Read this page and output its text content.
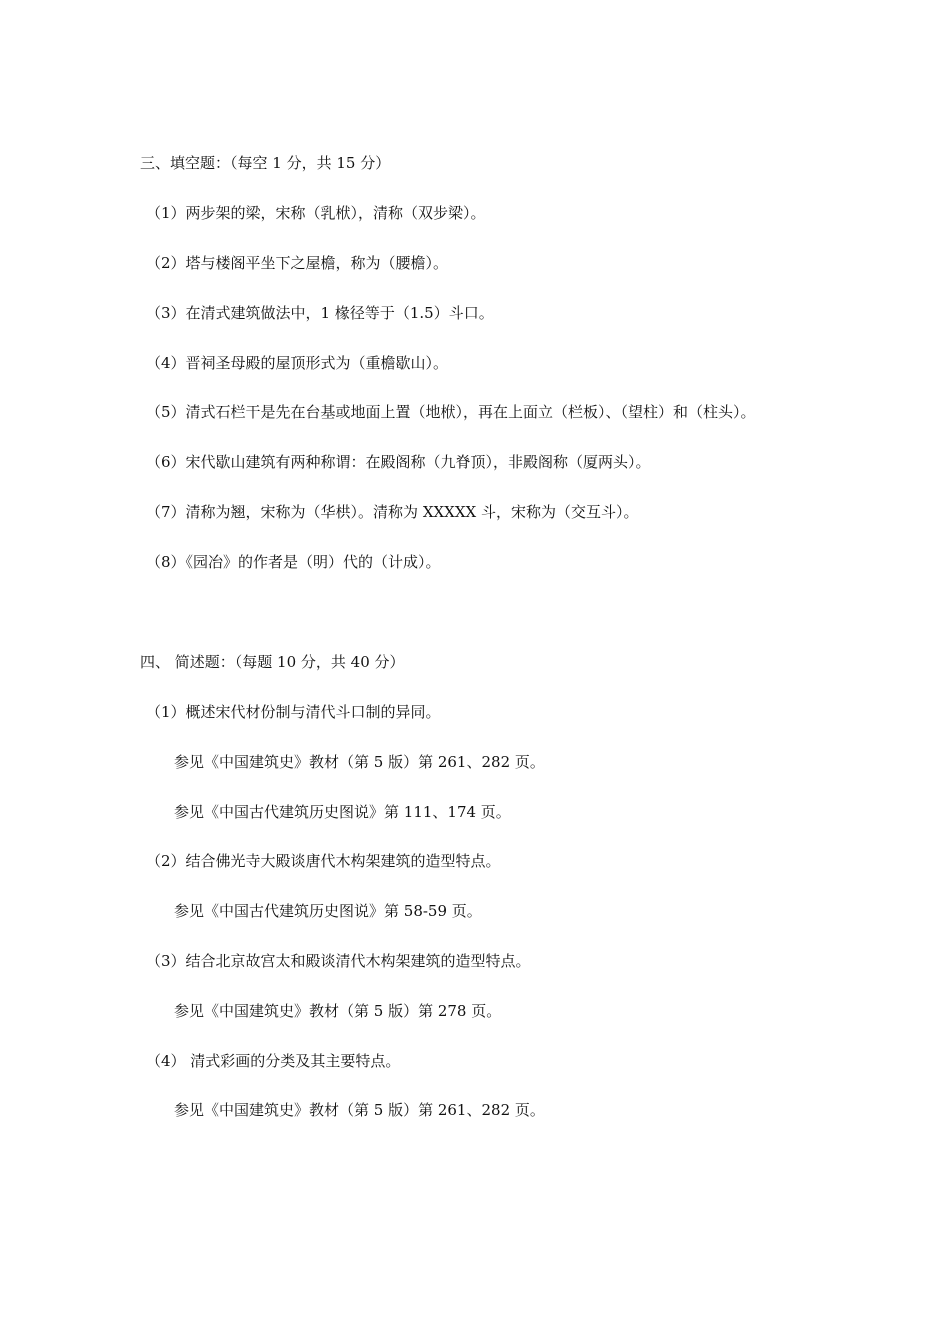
三、填空题：（每空 1 分，共 15 分）
（1）两步架的梁，宋称（乳栿），清称（双步梁）。
（2）塔与楼阁平坐下之屋檐，称为（腰檐）。
（3）在清式建筑做法中，1 椽径等于（1.5）斗口。
（4）晋祠圣母殿的屋顶形式为（重檐歇山）。
（5）清式石栏干是先在台基或地面上置（地栿），再在上面立（栏板）、（望柱）和（柱头）。
（6）宋代歇山建筑有两种称谓：在殿阁称（九脊顶），非殿阁称（厦两头）。
（7）清称为翘，宋称为（华栱）。清称为 XXXXX 斗，宋称为（交互斗）。
（8）《园冶》的作者是（明）代的（计成）。
四、 简述题：（每题 10 分，共 40 分）
（1）概述宋代材份制与清代斗口制的异同。
参见《中国建筑史》教材（第 5 版）第 261、282 页。
参见《中国古代建筑历史图说》第 111、174 页。
（2）结合佛光寺大殿谈唐代木构架建筑的造型特点。
参见《中国古代建筑历史图说》第 58-59 页。
（3）结合北京故宫太和殿谈清代木构架建筑的造型特点。
参见《中国建筑史》教材（第 5 版）第 278 页。
（4） 清式彩画的分类及其主要特点。
参见《中国建筑史》教材（第 5 版）第 261、282 页。
